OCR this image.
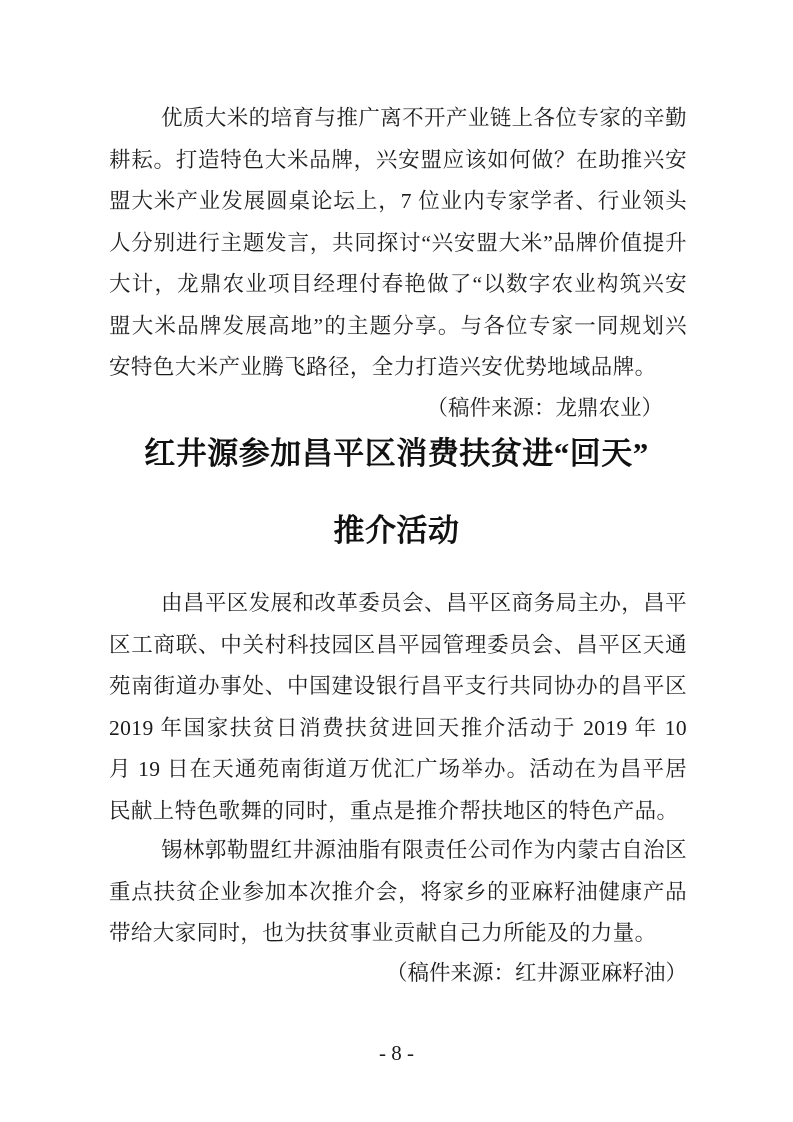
优质大米的培育与推广离不开产业链上各位专家的辛勤耕耘。打造特色大米品牌，兴安盟应该如何做？在助推兴安盟大米产业发展圆桌论坛上，7 位业内专家学者、行业领头人分别进行主题发言，共同探讨“兴安盟大米”品牌价值提升大计，龙鼎农业项目经理付春艳做了“以数字农业构筑兴安盟大米品牌发展高地”的主题分享。与各位专家一同规划兴安特色大米产业腾飞路径，全力打造兴安优势地域品牌。

（稿件来源：龙鼎农业）

红井源参加昌平区消费扶贫进“回天”
推介活动

由昌平区发展和改革委员会、昌平区商务局主办，昌平区工商联、中关村科技园区昌平园管理委员会、昌平区天通苑南街道办事处、中国建设银行昌平支行共同协办的昌平区 2019 年国家扶贫日消费扶贫进回天推介活动于 2019 年 10 月 19 日在天通苑南街道万优汇广场举办。活动在为昌平居民献上特色歌舞的同时，重点是推介帮扶地区的特色产品。

锡林郭勒盟红井源油脂有限责任公司作为内蒙古自治区重点扶贫企业参加本次推介会，将家乡的亚麻籽油健康产品带给大家同时，也为扶贫事业贡献自己力所能及的力量。

（稿件来源：红井源亚麻籽油）

- 8 -
